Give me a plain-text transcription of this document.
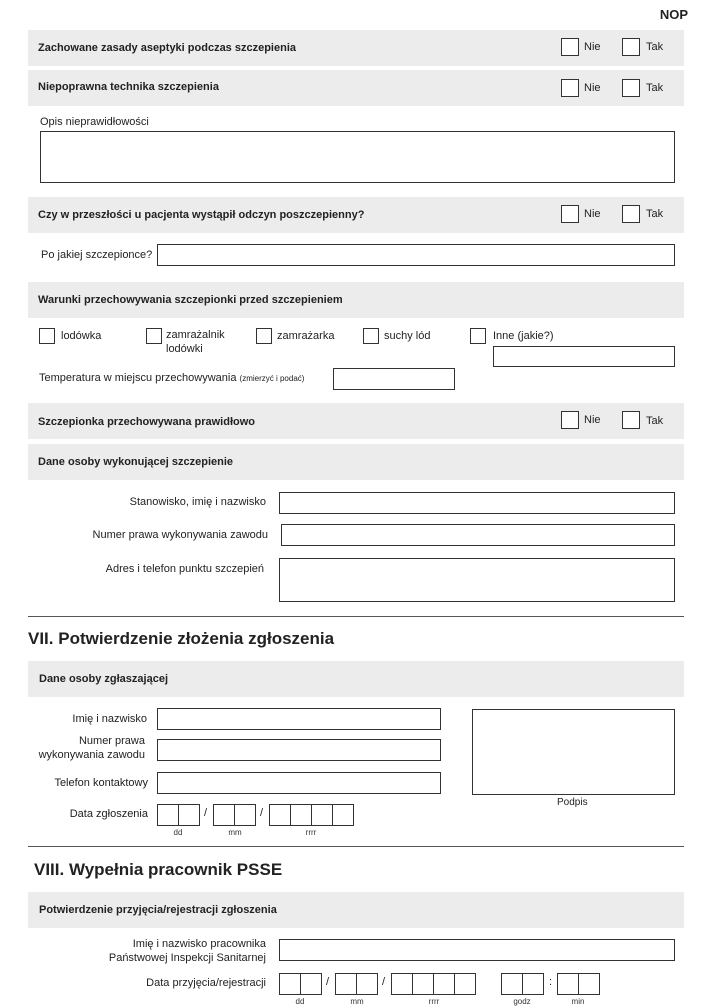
NOP
Zachowane zasady aseptyki podczas szczepienia	Nie	Tak
Niepoprawna technika szczepienia	Nie	Tak
Opis nieprawidłowości
Czy w przeszłości u pacjenta wystąpił odczyn poszczepienny?	Nie	Tak
Po jakiej szczepionce?
Warunki przechowywania szczepionki przed szczepieniem
lodówka	zamrażalnik
lodówki
zamrażarka	suchy lód	Inne (jakie?)
Temperatura w miejscu przechowywania (zmierzyć i podać)
Szczepionka przechowywana prawidłowo	Nie	Tak
Dane osoby wykonującej szczepienie
Stanowisko, imię i nazwisko
Numer prawa wykonywania zawodu
Adres i telefon punktu szczepień
VII. Potwierdzenie złożenia zgłoszenia
Dane osoby zgłaszającej
Imię i nazwisko
Numer prawa
wykonywania zawodu
Telefon kontaktowy
Data zgłoszenia	/	/
dd	mm	rrrr
Podpis
VIII. Wypełnia pracownik PSSE
Potwierdzenie przyjęcia/rejestracji zgłoszenia
Imię i nazwisko pracownika
Państwowej Inspekcji Sanitarnej
Data przyjęcia/rejestracji	/	/	:
dd	mm	rrrr	godz	min
